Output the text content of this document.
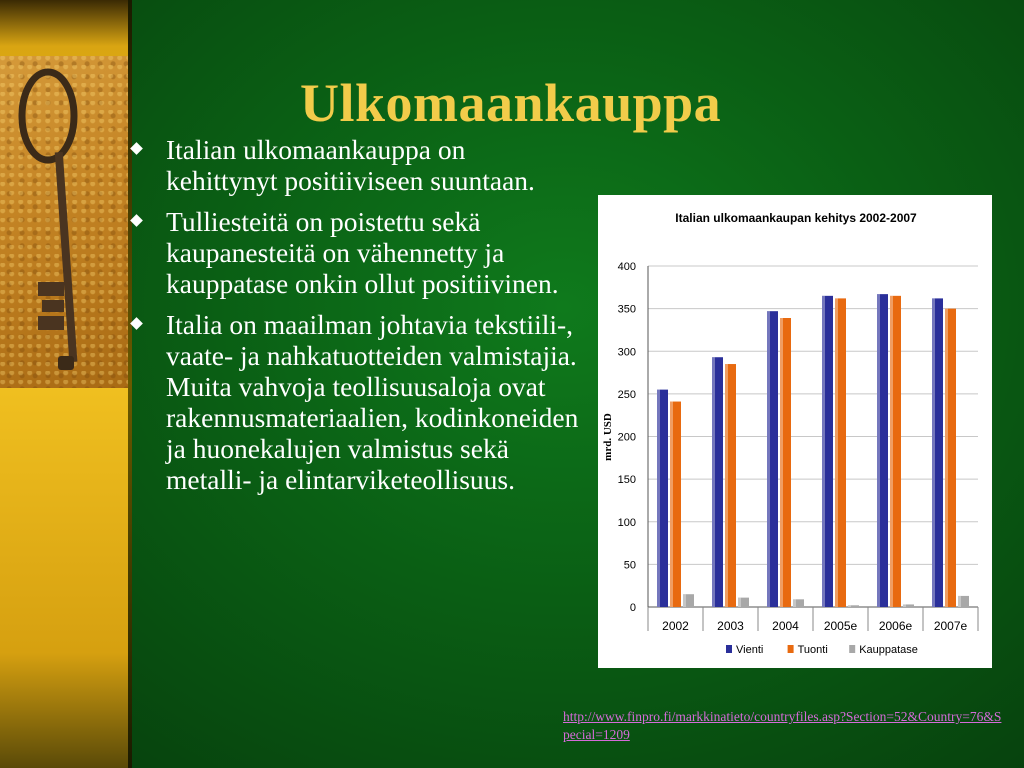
Ulkomaankauppa
Italian ulkomaankauppa on kehittynyt positiiviseen suuntaan.
Tulliesteitä on poistettu sekä kaupanesteitä on vähennetty ja kauppatase onkin ollut positiivinen.
Italia on maailman johtavia tekstiili-, vaate- ja nahkatuotteiden valmistajia. Muita vahvoja teollisuusaloja ovat rakennusmateriaalien, kodinkoneiden ja huonekalujen valmistus sekä metalli- ja elintarviketeollisuus.
Italian ulkomaankaupan kehitys 2002-2007
mrd. USD
0
50
100
150
200
250
300
350
400
2002 2003 2004 2005e 2006e 2007e
Vienti	Tuonti	Kauppatase
http://www.finpro.fi/markkinatieto/countryfiles.asp?Section=52&Country=76&Special=1209
